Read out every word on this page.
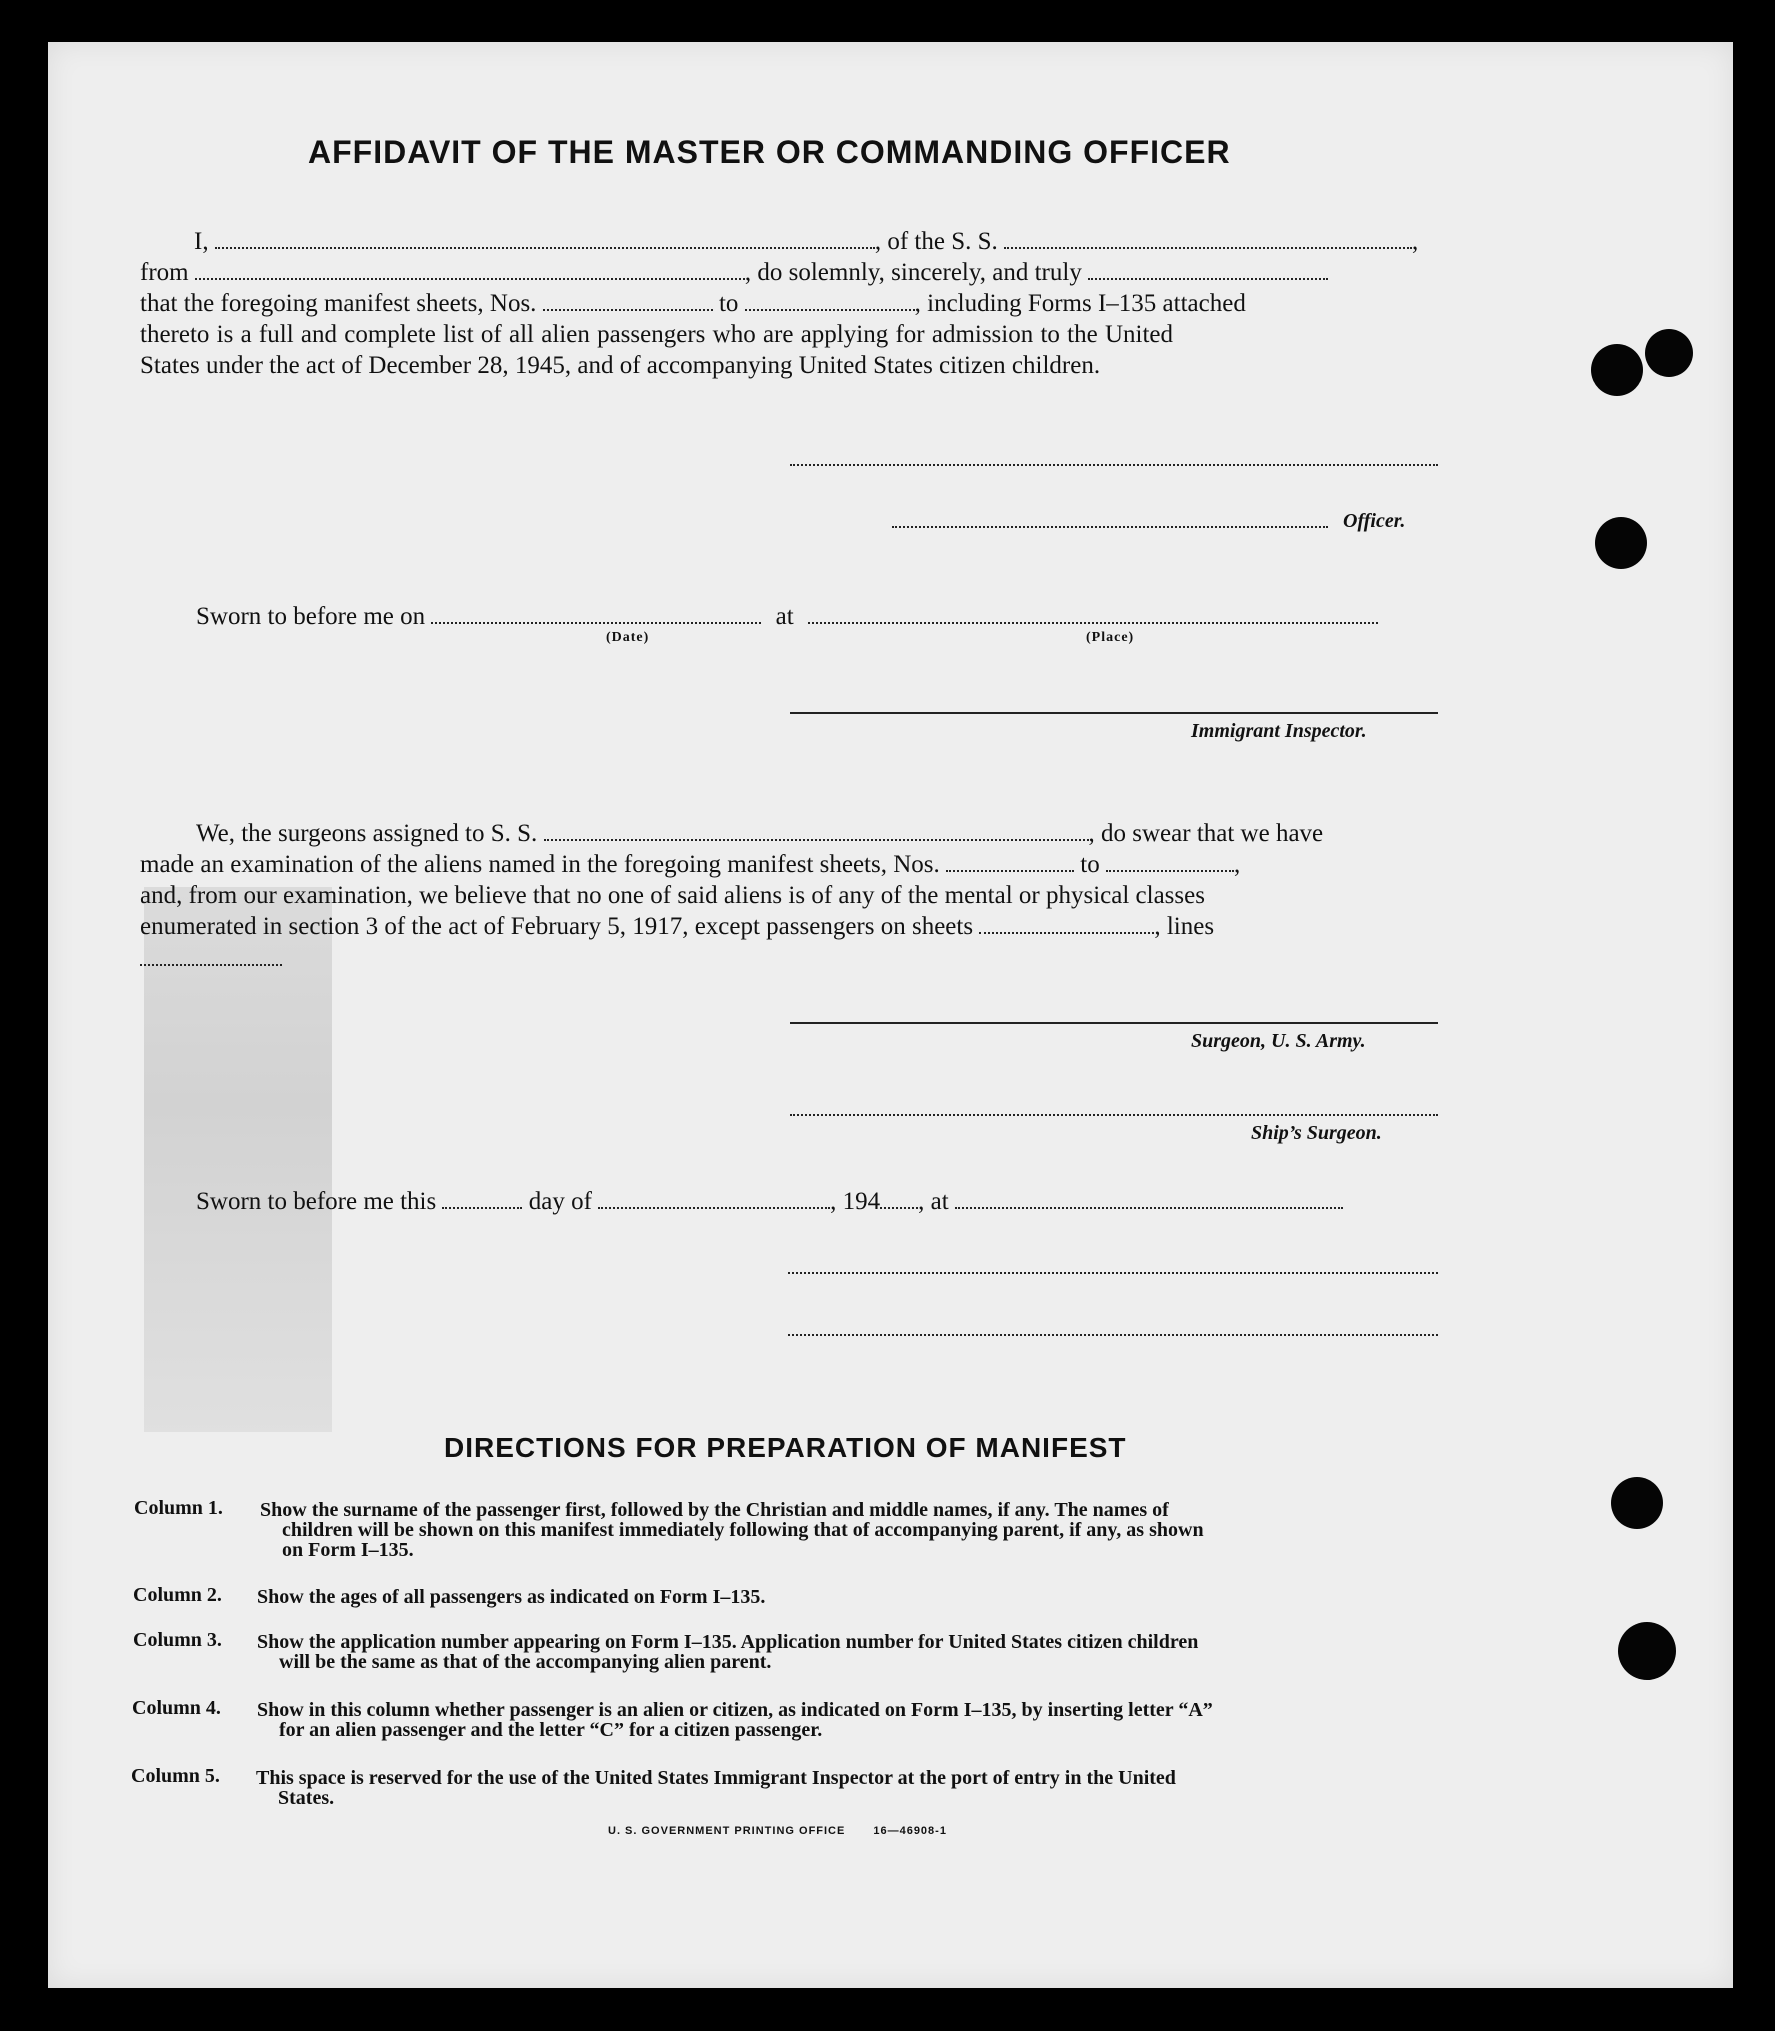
AFFIDAVIT OF THE MASTER OR COMMANDING OFFICER
I,	, of the S. S.	,
from	, do solemnly, sincerely, and truly
that the foregoing manifest sheets, Nos.	to	, including Forms I–135 attached
thereto is a full and complete list of all alien passengers who are applying for admission to the United
States under the act of December 28, 1945, and of accompanying United States citizen children.
Officer.
Sworn to before me on	at
(Date)	(Place)
Immigrant Inspector.
We, the surgeons assigned to S. S.	, do swear that we have
made an examination of the aliens named in the foregoing manifest sheets, Nos.	to	,
and, from our examination, we believe that no one of said aliens is of any of the mental or physical classes
enumerated in section 3 of the act of February 5, 1917, except passengers on sheets	, lines
Surgeon, U. S. Army.
Ship’s Surgeon.
Sworn to before me this	day of	, 194 , at
DIRECTIONS FOR PREPARATION OF MANIFEST
Column 1. Show the surname of the passenger first, followed by the Christian and middle names, if any. The names of
children will be shown on this manifest immediately following that of accompanying parent, if any, as shown
on Form I–135.
Column 2. Show the ages of all passengers as indicated on Form I–135.
Column 3. Show the application number appearing on Form I–135. Application number for United States citizen children
will be the same as that of the accompanying alien parent.
Column 4. Show in this column whether passenger is an alien or citizen, as indicated on Form I–135, by inserting letter “A”
for an alien passenger and the letter “C” for a citizen passenger.
Column 5. This space is reserved for the use of the United States Immigrant Inspector at the port of entry in the United
States.
U. S. GOVERNMENT PRINTING OFFICE	16—46908-1
